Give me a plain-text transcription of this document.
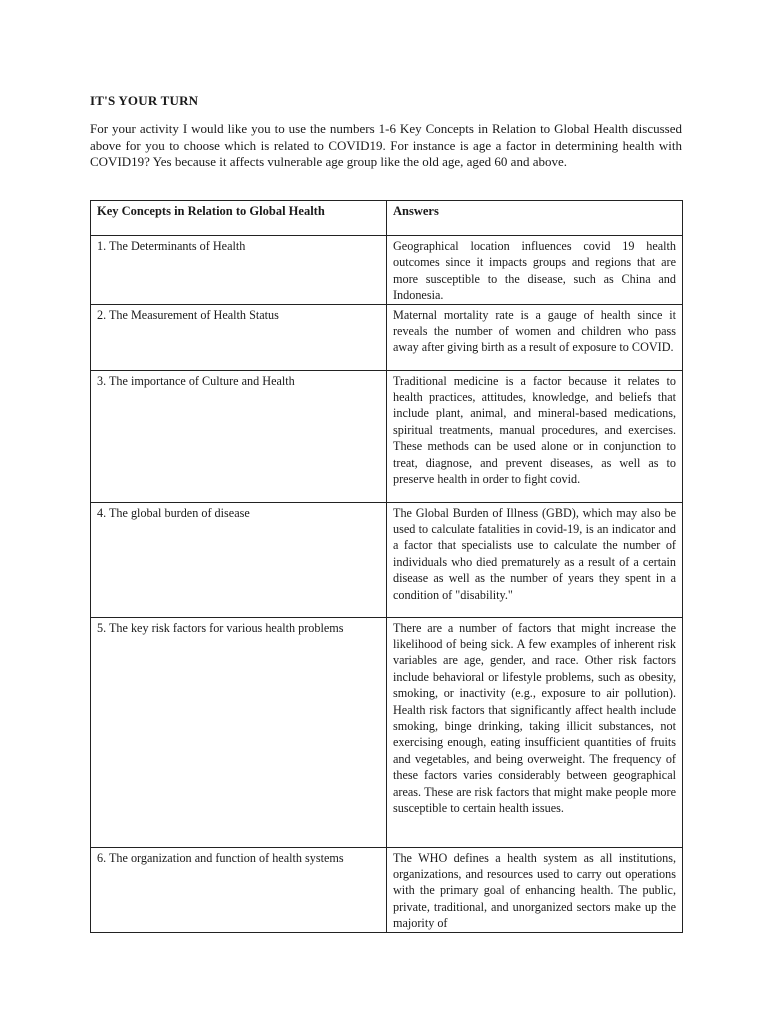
IT'S YOUR TURN
For your activity I would like you to use the numbers 1-6 Key Concepts in Relation to Global Health discussed above for you to choose which is related to COVID19. For instance is age a factor in determining health with COVID19? Yes because it affects vulnerable age group like the old age, aged 60 and above.
Key Concepts in Relation to Global Health	Answers
1. The Determinants of Health	Geographical location influences covid 19 health outcomes since it impacts groups and regions that are more susceptible to the disease, such as China and Indonesia.
2. The Measurement of Health Status	Maternal mortality rate is a gauge of health since it reveals the number of women and children who pass away after giving birth as a result of exposure to COVID.
3. The importance of Culture and Health	Traditional medicine is a factor because it relates to health practices, attitudes, knowledge, and beliefs that include plant, animal, and mineral-based medications, spiritual treatments, manual procedures, and exercises. These methods can be used alone or in conjunction to treat, diagnose, and prevent diseases, as well as to preserve health in order to fight covid.
4. The global burden of disease	The Global Burden of Illness (GBD), which may also be used to calculate fatalities in covid-19, is an indicator and a factor that specialists use to calculate the number of individuals who died prematurely as a result of a certain disease as well as the number of years they spent in a condition of "disability."
5. The key risk factors for various health problems	There are a number of factors that might increase the likelihood of being sick. A few examples of inherent risk variables are age, gender, and race. Other risk factors include behavioral or lifestyle problems, such as obesity, smoking, or inactivity (e.g., exposure to air pollution). Health risk factors that significantly affect health include smoking, binge drinking, taking illicit substances, not exercising enough, eating insufficient quantities of fruits and vegetables, and being overweight. The frequency of these factors varies considerably between geographical areas. These are risk factors that might make people more susceptible to certain health issues.
6. The organization and function of health systems	The WHO defines a health system as all institutions, organizations, and resources used to carry out operations with the primary goal of enhancing health. The public, private, traditional, and unorganized sectors make up the majority of
